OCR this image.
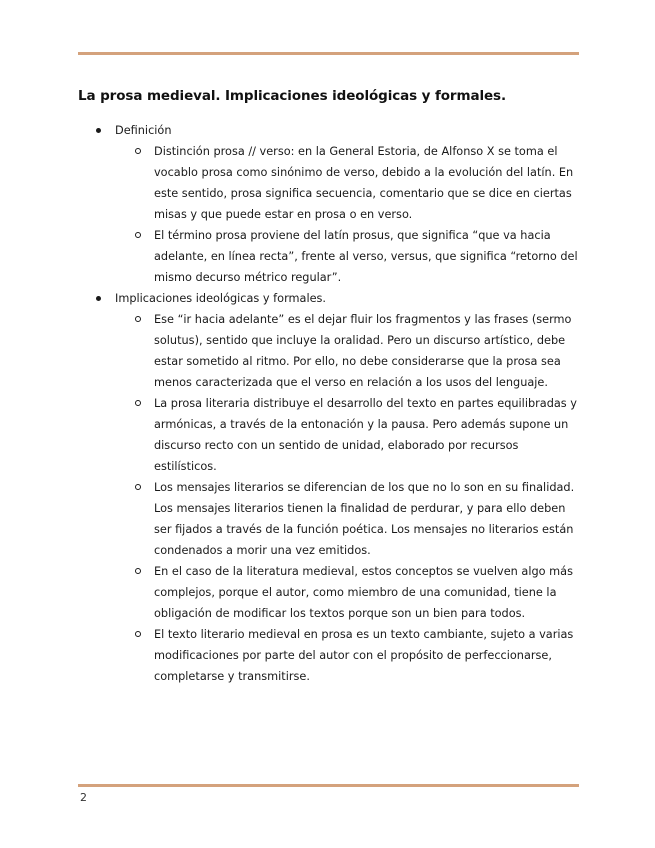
La prosa medieval. Implicaciones ideológicas y formales.
Definición
Distinción prosa // verso: en la General Estoria, de Alfonso X se toma el vocablo prosa como sinónimo de verso, debido a la evolución del latín. En este sentido, prosa significa secuencia, comentario que se dice en ciertas misas y que puede estar en prosa o en verso.
El término prosa proviene del latín prosus, que significa “que va hacia adelante, en línea recta”, frente al verso, versus, que significa “retorno del mismo decurso métrico regular”.
Implicaciones ideológicas y formales.
Ese “ir hacia adelante” es el dejar fluir los fragmentos y las frases (sermo solutus), sentido que incluye la oralidad. Pero un discurso artístico, debe estar sometido al ritmo. Por ello, no debe considerarse que la prosa sea menos caracterizada que el verso en relación a los usos del lenguaje.
La prosa literaria distribuye el desarrollo del texto en partes equilibradas y armónicas, a través de la entonación y la pausa. Pero además supone un discurso recto con un sentido de unidad, elaborado por recursos estilísticos.
Los mensajes literarios se diferencian de los que no lo son en su finalidad. Los mensajes literarios tienen la finalidad de perdurar, y para ello deben ser fijados a través de la función poética. Los mensajes no literarios están condenados a morir una vez emitidos.
En el caso de la literatura medieval, estos conceptos se vuelven algo más complejos, porque el autor, como miembro de una comunidad, tiene la obligación de modificar los textos porque son un bien para todos.
El texto literario medieval en prosa es un texto cambiante, sujeto a varias modificaciones por parte del autor con el propósito de perfeccionarse, completarse y transmitirse.
2
